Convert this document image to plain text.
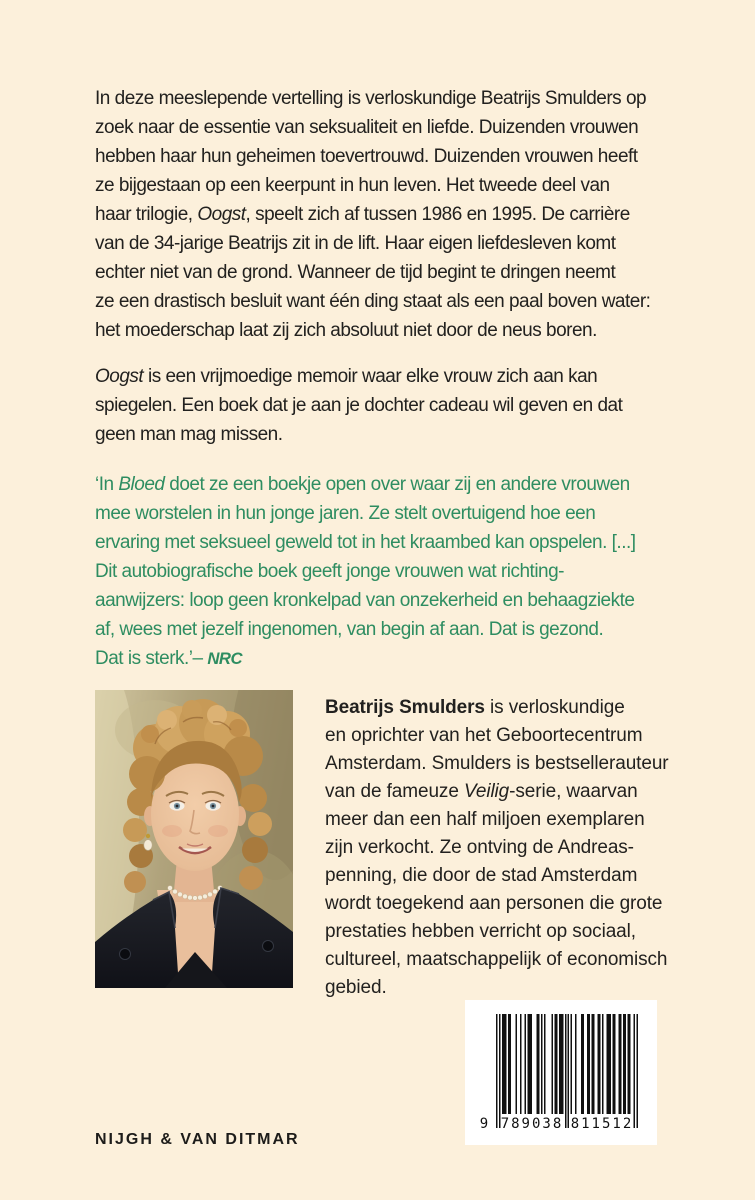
In deze meeslepende vertelling is verloskundige Beatrijs Smulders op
zoek naar de essentie van seksualiteit en liefde. Duizenden vrouwen
hebben haar hun geheimen toevertrouwd. Duizenden vrouwen heeft
ze bijgestaan op een keerpunt in hun leven. Het tweede deel van
haar trilogie, Oogst, speelt zich af tussen 1986 en 1995. De carrière
van de 34-jarige Beatrijs zit in de lift. Haar eigen liefdesleven komt
echter niet van de grond. Wanneer de tijd begint te dringen neemt
ze een drastisch besluit want één ding staat als een paal boven water:
het moederschap laat zij zich absoluut niet door de neus boren.
Oogst is een vrijmoedige memoir waar elke vrouw zich aan kan
spiegelen. Een boek dat je aan je dochter cadeau wil geven en dat
geen man mag missen.
‘In Bloed doet ze een boekje open over waar zij en andere vrouwen
mee worstelen in hun jonge jaren. Ze stelt overtuigend hoe een
ervaring met seksueel geweld tot in het kraambed kan opspelen. [...]
Dit autobiografische boek geeft jonge vrouwen wat richting-
aanwijzers: loop geen kronkelpad van onzekerheid en behaagziekte
af, wees met jezelf ingenomen, van begin af aan. Dat is gezond.
Dat is sterk.’– NRC
Beatrijs Smulders is verloskundige
en oprichter van het Geboortecentrum
Amsterdam. Smulders is bestsellerauteur
van de fameuze Veilig-serie, waarvan
meer dan een half miljoen exemplaren
zijn verkocht. Ze ontving de Andreas-
penning, die door de stad Amsterdam
wordt toegekend aan personen die grote
prestaties hebben verricht op sociaal,
cultureel, maatschappelijk of economisch
gebied.
9 789038 811512
NIJGH & VAN DITMAR
